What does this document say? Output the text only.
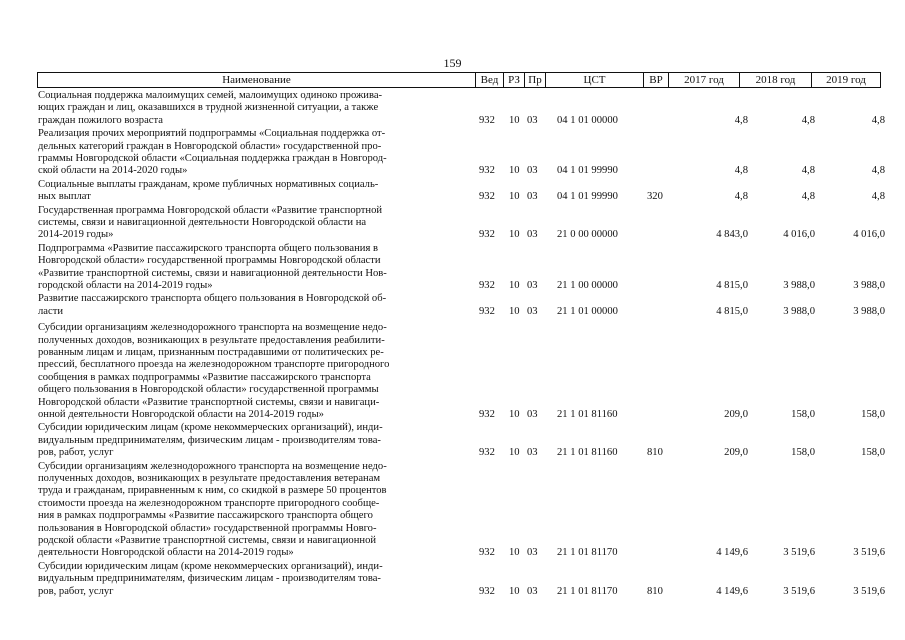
159
Наименование	Вед РЗ Пр	ЦСТ	ВР	2017 год	2018 год	2019 год
Социальная поддержка малоимущих семей, малоимущих одиноко прожива-
ющих граждан и лиц, оказавшихся в трудной жизненной ситуации, а также
граждан пожилого возраста	932 10 03 04 1 01 00000	4,8	4,8	4,8
Реализация прочих мероприятий подпрограммы «Социальная поддержка от-
дельных категорий граждан в Новгородской области» государственной про-
граммы Новгородской области «Социальная поддержка граждан в Новгород-
ской области на 2014-2020 годы»	932 10 03 04 1 01 99990	4,8	4,8	4,8
Социальные выплаты гражданам, кроме публичных нормативных социаль-
ных выплат	932 10 03 04 1 01 99990	320	4,8	4,8	4,8
Государственная программа Новгородской области «Развитие транспортной
системы, связи и навигационной деятельности Новгородской области на
2014-2019 годы»	932 10 03 21 0 00 00000	4 843,0	4 016,0	4 016,0
Подпрограмма «Развитие пассажирского транспорта общего пользования в
Новгородской области» государственной программы Новгородской области
«Развитие транспортной системы, связи и навигационной деятельности Нов-
городской области на 2014-2019 годы»	932 10 03 21 1 00 00000	4 815,0	3 988,0	3 988,0
Развитие пассажирского транспорта общего пользования в Новгородской об-
ласти	932 10 03 21 1 01 00000	4 815,0	3 988,0	3 988,0
Субсидии организациям железнодорожного транспорта на возмещение недо-
полученных доходов, возникающих в результате предоставления реабилити-
рованным лицам и лицам, признанным пострадавшими от политических ре-
прессий, бесплатного проезда на железнодорожном транспорте пригородного
сообщения в рамках подпрограммы «Развитие пассажирского транспорта
общего пользования в Новгородской области» государственной программы
Новгородской области «Развитие транспортной системы, связи и навигаци-
онной деятельности Новгородской области на 2014-2019 годы»	932 10 03 21 1 01 81160	209,0	158,0	158,0
Субсидии юридическим лицам (кроме некоммерческих организаций), инди-
видуальным предпринимателям, физическим лицам - производителям това-
ров, работ, услуг	932 10 03 21 1 01 81160	810	209,0	158,0	158,0
Субсидии организациям железнодорожного транспорта на возмещение недо-
полученных доходов, возникающих в результате предоставления ветеранам
труда и гражданам, приравненным к ним, со скидкой в размере 50 процентов
стоимости проезда на железнодорожном транспорте пригородного сообще-
ния в рамках подпрограммы «Развитие пассажирского транспорта общего
пользования в Новгородской области» государственной программы Новго-
родской области «Развитие транспортной системы, связи и навигационной
деятельности Новгородской области на 2014-2019 годы»	932 10 03 21 1 01 81170	4 149,6	3 519,6	3 519,6
Субсидии юридическим лицам (кроме некоммерческих организаций), инди-
видуальным предпринимателям, физическим лицам - производителям това-
ров, работ, услуг	932 10 03 21 1 01 81170	810	4 149,6	3 519,6	3 519,6
